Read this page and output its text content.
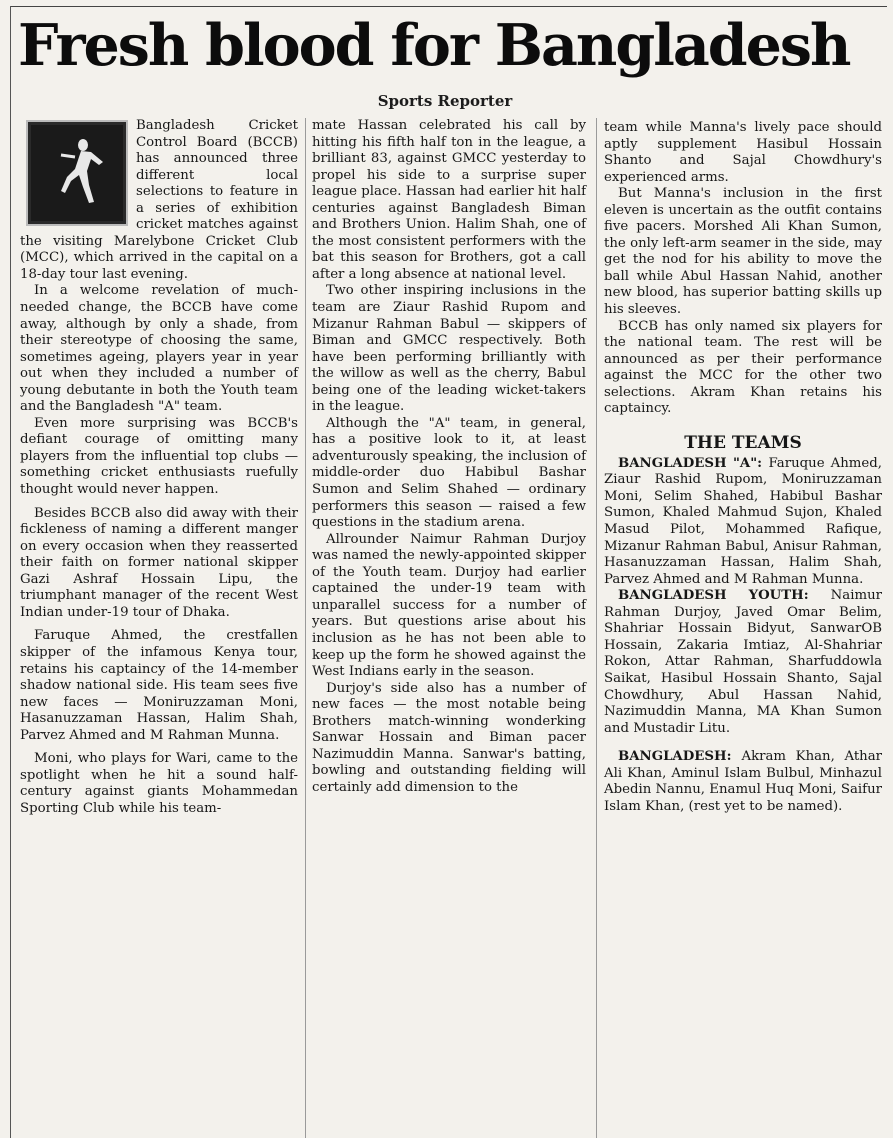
Fresh blood for Bangladesh
Sports Reporter

Bangladesh Cricket Control Board (BCCB) has announced three different local selections to feature in a series of exhibition cricket matches against the visiting Marelybone Cricket Club (MCC), which arrived in the capital on a 18-day tour last evening.

In a welcome revelation of much-needed change, the BCCB have come away, although by only a shade, from their stereotype of choosing the same, sometimes ageing, players year in year out when they included a number of young debutante in both the Youth team and the Bangladesh "A" team.

Even more surprising was BCCB's defiant courage of omitting many players from the influential top clubs — something cricket enthusiasts ruefully thought would never happen.

Besides BCCB also did away with their fickleness of naming a different manger on every occasion when they reasserted their faith on former national skipper Gazi Ashraf Hossain Lipu, the triumphant manager of the recent West Indian under-19 tour of Dhaka.

Faruque Ahmed, the crestfallen skipper of the infamous Kenya tour, retains his captaincy of the 14-member shadow national side. His team sees five new faces — Moniruzzaman Moni, Hasanuzzaman Hassan, Halim Shah, Parvez Ahmed and M Rahman Munna.

Moni, who plays for Wari, came to the spotlight when he hit a sound half-century against giants Mohammedan Sporting Club while his team-

mate Hassan celebrated his call by hitting his fifth half ton in the league, a brilliant 83, against GMCC yesterday to propel his side to a surprise super league place. Hassan had earlier hit half centuries against Bangladesh Biman and Brothers Union. Halim Shah, one of the most consistent performers with the bat this season for Brothers, got a call after a long absence at national level.

Two other inspiring inclusions in the team are Ziaur Rashid Rupom and Mizanur Rahman Babul — skippers of Biman and GMCC respectively. Both have been performing brilliantly with the willow as well as the cherry, Babul being one of the leading wicket-takers in the league.

Although the "A" team, in general, has a positive look to it, at least adventurously speaking, the inclusion of middle-order duo Habibul Bashar Sumon and Selim Shahed — ordinary performers this season — raised a few questions in the stadium arena.

Allrounder Naimur Rahman Durjoy was named the newly-appointed skipper of the Youth team. Durjoy had earlier captained the under-19 team with unparallel success for a number of years. But questions arise about his inclusion as he has not been able to keep up the form he showed against the West Indians early in the season.

Durjoy's side also has a number of new faces — the most notable being Brothers match-winning wonderking Sanwar Hossain and Biman pacer Nazimuddin Manna. Sanwar's batting, bowling and outstanding fielding will certainly add dimension to the

team while Manna's lively pace should aptly supplement Hasibul Hossain Shanto and Sajal Chowdhury's experienced arms.

But Manna's inclusion in the first eleven is uncertain as the outfit contains five pacers. Morshed Ali Khan Sumon, the only left-arm seamer in the side, may get the nod for his ability to move the ball while Abul Hassan Nahid, another new blood, has superior batting skills up his sleeves.

BCCB has only named six players for the national team. The rest will be announced as per their performance against the MCC for the other two selections. Akram Khan retains his captaincy.

THE TEAMS

BANGLADESH "A": Faruque Ahmed, Ziaur Rashid Rupom, Moniruzzaman Moni, Selim Shahed, Habibul Bashar Sumon, Khaled Mahmud Sujon, Khaled Masud Pilot, Mohammed Rafique, Mizanur Rahman Babul, Anisur Rahman, Hasanuzzaman Hassan, Halim Shah, Parvez Ahmed and M Rahman Munna.

BANGLADESH YOUTH: Naimur Rahman Durjoy, Javed Omar Belim, Shahriar Hossain Bidyut, SanwarOB Hossain, Zakaria Imtiaz, Al-Shahriar Rokon, Attar Rahman, Sharfuddowla Saikat, Hasibul Hossain Shanto, Sajal Chowdhury, Abul Hassan Nahid, Nazimuddin Manna, MA Khan Sumon and Mustadir Litu.

BANGLADESH: Akram Khan, Athar Ali Khan, Aminul Islam Bulbul, Minhazul Abedin Nannu, Enamul Huq Moni, Saifur Islam Khan, (rest yet to be named).
